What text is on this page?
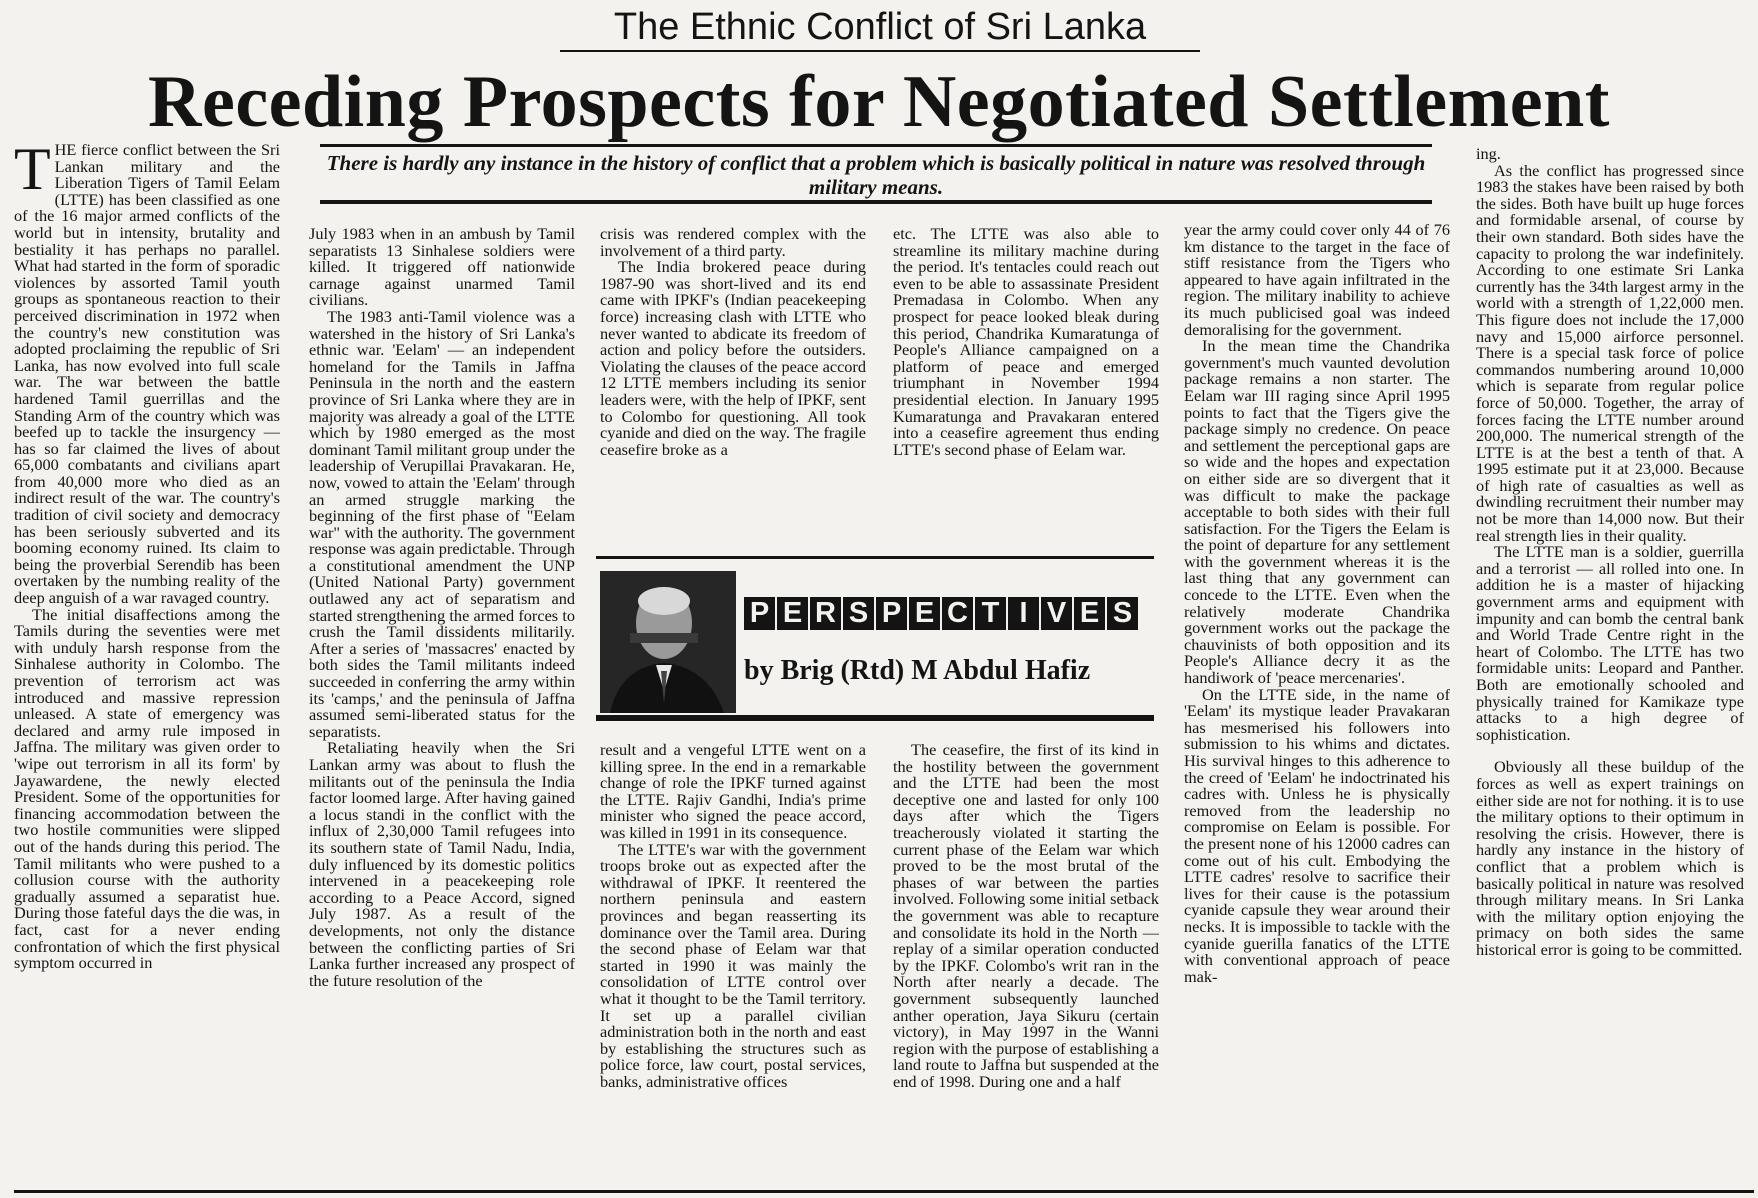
The Ethnic Conflict of Sri Lanka
Receding Prospects for Negotiated Settlement
There is hardly any instance in the history of conflict that a problem which is basically political in nature was resolved through military means.
T HE fierce conflict between the Sri Lankan military and the Liberation Tigers of Tamil Eelam (LTTE) has been classified as one of the 16 major armed conflicts of the world but in intensity, brutality and bestiality it has perhaps no parallel. What had started in the form of sporadic violences by assorted Tamil youth groups as spontaneous reaction to their perceived discrimination in 1972 when the country's new constitution was adopted proclaiming the republic of Sri Lanka, has now evolved into full scale war. The war between the battle hardened Tamil guerrillas and the Standing Arm of the country which was beefed up to tackle the insurgency — has so far claimed the lives of about 65,000 combatants and civilians apart from 40,000 more who died as an indirect result of the war. The country's tradition of civil society and democracy has been seriously subverted and its booming economy ruined. Its claim to being the proverbial Serendib has been overtaken by the numbing reality of the deep anguish of a war ravaged country.

The initial disaffections among the Tamils during the seventies were met with unduly harsh response from the Sinhalese authority in Colombo. The prevention of terrorism act was introduced and massive repression unleased. A state of emergency was declared and army rule imposed in Jaffna. The military was given order to 'wipe out terrorism in all its form' by Jayawardene, the newly elected President. Some of the opportunities for financing accommodation between the two hostile communities were slipped out of the hands during this period. The Tamil militants who were pushed to a collusion course with the authority gradually assumed a separatist hue. During those fateful days the die was, in fact, cast for a never ending confrontation of which the first physical symptom occurred in

July 1983 when in an ambush by Tamil separatists 13 Sinhalese soldiers were killed. It triggered off nationwide carnage against unarmed Tamil civilians.

The 1983 anti-Tamil violence was a watershed in the history of Sri Lanka's ethnic war. 'Eelam' — an independent homeland for the Tamils in Jaffna Peninsula in the north and the eastern province of Sri Lanka where they are in majority was already a goal of the LTTE which by 1980 emerged as the most dominant Tamil militant group under the leadership of Verupillai Pravakaran. He, now, vowed to attain the 'Eelam' through an armed struggle marking the beginning of the first phase of "Eelam war" with the authority. The government response was again predictable. Through a constitutional amendment the UNP (United National Party) government outlawed any act of separatism and started strengthening the armed forces to crush the Tamil dissidents militarily. After a series of 'massacres' enacted by both sides the Tamil militants indeed succeeded in conferring the army within its 'camps,' and the peninsula of Jaffna assumed semi-liberated status for the separatists.

Retaliating heavily when the Sri Lankan army was about to flush the militants out of the peninsula the India factor loomed large. After having gained a locus standi in the conflict with the influx of 2,30,000 Tamil refugees into its southern state of Tamil Nadu, India, duly influenced by its domestic politics intervened in a peacekeeping role according to a Peace Accord, signed July 1987. As a result of the developments, not only the distance between the conflicting parties of Sri Lanka further increased any prospect of the future resolution of the

crisis was rendered complex with the involvement of a third party.

The India brokered peace during 1987-90 was short-lived and its end came with IPKF's (Indian peacekeeping force) increasing clash with LTTE who never wanted to abdicate its freedom of action and policy before the outsiders. Violating the clauses of the peace accord 12 LTTE members including its senior leaders were, with the help of IPKF, sent to Colombo for questioning. All took cyanide and died on the way. The fragile ceasefire broke as a

etc. The LTTE was also able to streamline its military machine during the period. It's tentacles could reach out even to be able to assassinate President Premadasa in Colombo. When any prospect for peace looked bleak during this period, Chandrika Kumaratunga of People's Alliance campaigned on a platform of peace and emerged triumphant in November 1994 presidential election. In January 1995 Kumaratunga and Pravakaran entered into a ceasefire agreement thus ending LTTE's second phase of Eelam war.

P E R S P E C T I V E S
by Brig (Rtd) M Abdul Hafiz

result and a vengeful LTTE went on a killing spree. In the end in a remarkable change of role the IPKF turned against the LTTE. Rajiv Gandhi, India's prime minister who signed the peace accord, was killed in 1991 in its consequence.

The LTTE's war with the government troops broke out as expected after the withdrawal of IPKF. It reentered the northern peninsula and eastern provinces and began reasserting its dominance over the Tamil area. During the second phase of Eelam war that started in 1990 it was mainly the consolidation of LTTE control over what it thought to be the Tamil territory. It set up a parallel civilian administration both in the north and east by establishing the structures such as police force, law court, postal services, banks, administrative offices

The ceasefire, the first of its kind in the hostility between the government and the LTTE had been the most deceptive one and lasted for only 100 days after which the Tigers treacherously violated it starting the current phase of the Eelam war which proved to be the most brutal of the phases of war between the parties involved. Following some initial setback the government was able to recapture and consolidate its hold in the North — replay of a similar operation conducted by the IPKF. Colombo's writ ran in the North after nearly a decade. The government subsequently launched anther operation, Jaya Sikuru (certain victory), in May 1997 in the Wanni region with the purpose of establishing a land route to Jaffna but suspended at the end of 1998. During one and a half

year the army could cover only 44 of 76 km distance to the target in the face of stiff resistance from the Tigers who appeared to have again infiltrated in the region. The military inability to achieve its much publicised goal was indeed demoralising for the government.

In the mean time the Chandrika government's much vaunted devolution package remains a non starter. The Eelam war III raging since April 1995 points to fact that the Tigers give the package simply no credence. On peace and settlement the perceptional gaps are so wide and the hopes and expectation on either side are so divergent that it was difficult to make the package acceptable to both sides with their full satisfaction. For the Tigers the Eelam is the point of departure for any settlement with the government whereas it is the last thing that any government can concede to the LTTE. Even when the relatively moderate Chandrika government works out the package the chauvinists of both opposition and its People's Alliance decry it as the handiwork of 'peace mercenaries'.

On the LTTE side, in the name of 'Eelam' its mystique leader Pravakaran has mesmerised his followers into submission to his whims and dictates. His survival hinges to this adherence to the creed of 'Eelam' he indoctrinated his cadres with. Unless he is physically removed from the leadership no compromise on Eelam is possible. For the present none of his 12000 cadres can come out of his cult. Embodying the LTTE cadres' resolve to sacrifice their lives for their cause is the potassium cyanide capsule they wear around their necks. It is impossible to tackle with the cyanide guerilla fanatics of the LTTE with conventional approach of peace mak-

ing.

As the conflict has progressed since 1983 the stakes have been raised by both the sides. Both have built up huge forces and formidable arsenal, of course by their own standard. Both sides have the capacity to prolong the war indefinitely. According to one estimate Sri Lanka currently has the 34th largest army in the world with a strength of 1,22,000 men. This figure does not include the 17,000 navy and 15,000 airforce personnel. There is a special task force of police commandos numbering around 10,000 which is separate from regular police force of 50,000. Together, the array of forces facing the LTTE number around 200,000. The numerical strength of the LTTE is at the best a tenth of that. A 1995 estimate put it at 23,000. Because of high rate of casualties as well as dwindling recruitment their number may not be more than 14,000 now. But their real strength lies in their quality.

The LTTE man is a soldier, guerrilla and a terrorist — all rolled into one. In addition he is a master of hijacking government arms and equipment with impunity and can bomb the central bank and World Trade Centre right in the heart of Colombo. The LTTE has two formidable units: Leopard and Panther. Both are emotionally schooled and physically trained for Kamikaze type attacks to a high degree of sophistication.

Obviously all these buildup of the forces as well as expert trainings on either side are not for nothing. it is to use the military options to their optimum in resolving the crisis. However, there is hardly any instance in the history of conflict that a problem which is basically political in nature was resolved through military means. In Sri Lanka with the military option enjoying the primacy on both sides the same historical error is going to be committed.
